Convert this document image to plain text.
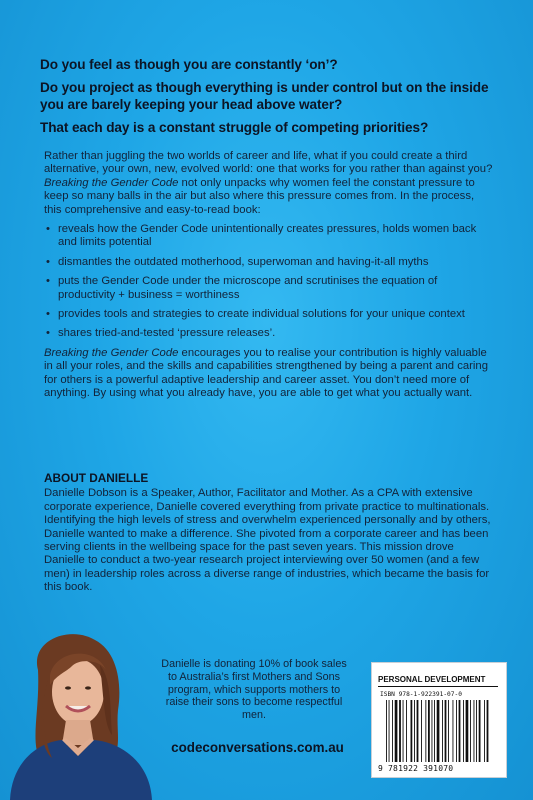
Do you feel as though you are constantly ‘on’?

Do you project as though everything is under control but on the inside you are barely keeping your head above water?

That each day is a constant struggle of competing priorities?

Rather than juggling the two worlds of career and life, what if you could create a third alternative, your own, new, evolved world: one that works for you rather than against you? Breaking the Gender Code not only unpacks why women feel the constant pressure to keep so many balls in the air but also where this pressure comes from. In the process, this comprehensive and easy-to-read book:

• reveals how the Gender Code unintentionally creates pressures, holds women back and limits potential
• dismantles the outdated motherhood, superwoman and having-it-all myths
• puts the Gender Code under the microscope and scrutinises the equation of productivity + business = worthiness
• provides tools and strategies to create individual solutions for your unique context
• shares tried-and-tested ‘pressure releases’.

Breaking the Gender Code encourages you to realise your contribution is highly valuable in all your roles, and the skills and capabilities strengthened by being a parent and caring for others is a powerful adaptive leadership and career asset. You don’t need more of anything. By using what you already have, you are able to get what you actually want.

ABOUT DANIELLE

Danielle Dobson is a Speaker, Author, Facilitator and Mother. As a CPA with extensive corporate experience, Danielle covered everything from private practice to multinationals. Identifying the high levels of stress and overwhelm experienced personally and by others, Danielle wanted to make a difference. She pivoted from a corporate career and has been serving clients in the wellbeing space for the past seven years. This mission drove Danielle to conduct a two-year research project interviewing over 50 women (and a few men) in leadership roles across a diverse range of industries, which became the basis for this book.

Danielle is donating 10% of book sales to Australia’s first Mothers and Sons program, which supports mothers to raise their sons to become respectful men.
codeconversations.com.au
PERSONAL DEVELOPMENT
ISBN 978-1-922391-07-0
9 781922 391070
